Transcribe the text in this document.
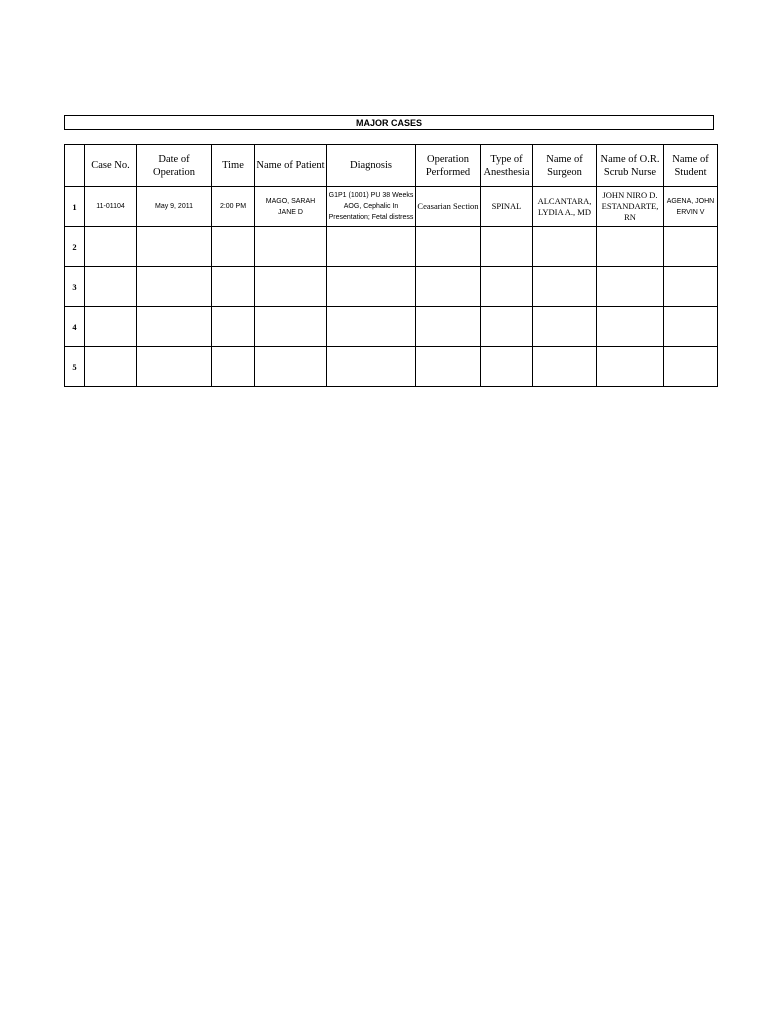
MAJOR CASES
	Case No.	Date of Operation	Time	Name of Patient	Diagnosis	Operation Performed	Type of Anesthesia	Name of Surgeon	Name of O.R. Scrub Nurse	Name of Student
1	11-01104	May 9, 2011	2:00 PM	MAGO, SARAH JANE D	G1P1 (1001) PU 38 Weeks AOG, Cephalic In Presentation; Fetal distress	Ceasarian Section	SPINAL	ALCANTARA, LYDIA A., MD	JOHN NIRO D. ESTANDARTE, RN	AGENA, JOHN ERVIN V
2										
3										
4										
5										
